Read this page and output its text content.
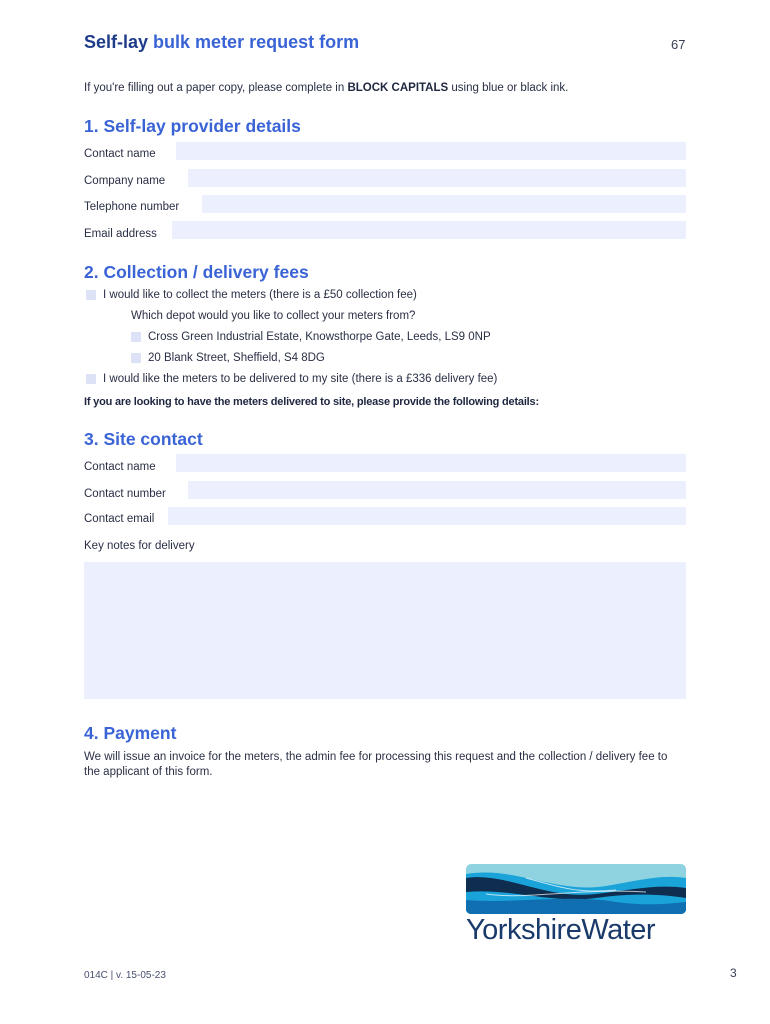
Self-lay bulk meter request form	67
If you're filling out a paper copy, please complete in BLOCK CAPITALS using blue or black ink.
1. Self-lay provider details
Contact name
Company name
Telephone number
Email address
2. Collection / delivery fees
I would like to collect the meters (there is a £50 collection fee)
Which depot would you like to collect your meters from?
Cross Green Industrial Estate, Knowsthorpe Gate, Leeds, LS9 0NP
20 Blank Street, Sheffield, S4 8DG
I would like the meters to be delivered to my site (there is a £336 delivery fee)
If you are looking to have the meters delivered to site, please provide the following details:
3. Site contact
Contact name
Contact number
Contact email
Key notes for delivery
4. Payment
We will issue an invoice for the meters, the admin fee for processing this request and the collection / delivery fee to the applicant of this form.
YorkshireWater
014C | v. 15-05-23	3
